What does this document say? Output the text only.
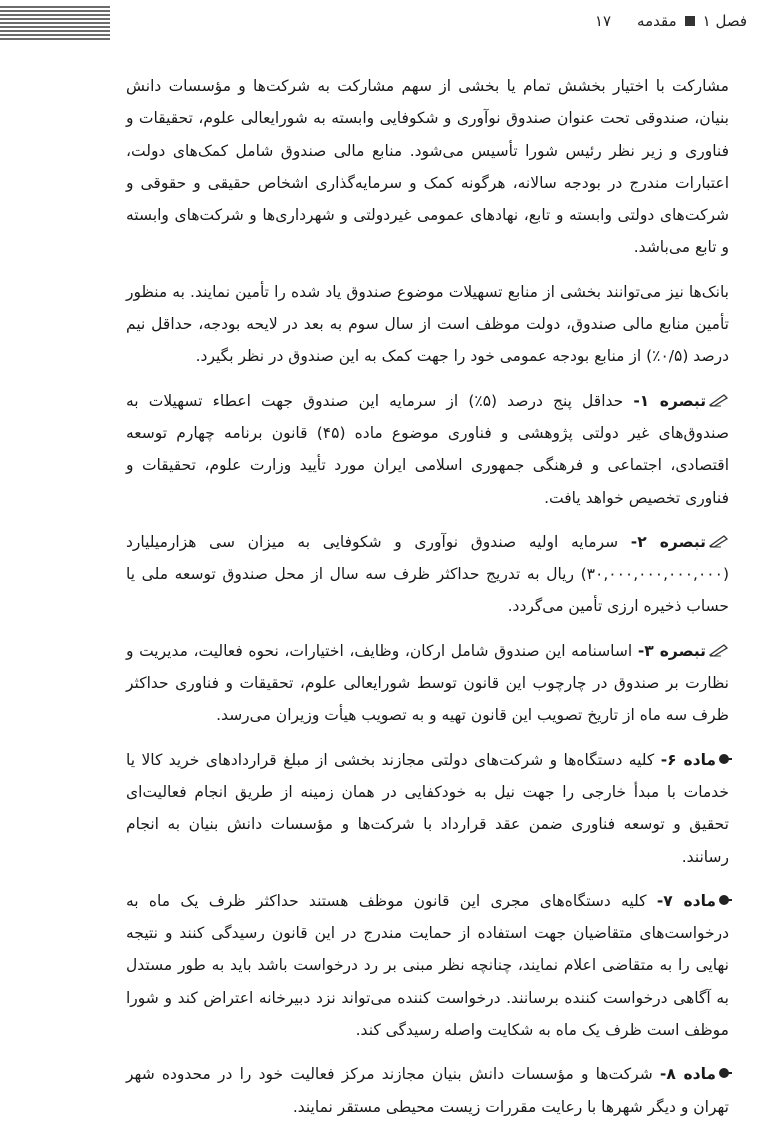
فصل ۱
مقدمه
۱۷

مشارکت با اختیار بخشش تمام یا بخشی از سهم مشارکت به شرکت‌ها و مؤسسات دانش بنیان، صندوقی تحت عنوان صندوق نوآوری و شکوفایی وابسته به شورایعالی علوم، تحقیقات و فناوری و زیر نظر رئیس شورا تأسیس می‌شود. منابع مالی صندوق شامل کمک‌های دولت، اعتبارات مندرج در بودجه سالانه، هرگونه کمک و سرمایه‌گذاری اشخاص حقیقی و حقوقی و شرکت‌های دولتی وابسته و تابع، نهادهای عمومی غیردولتی و شهرداری‌ها و شرکت‌های وابسته و تابع می‌باشد.

بانک‌ها نیز می‌توانند بخشی از منابع تسهیلات موضوع صندوق یاد شده را تأمین نمایند. به منظور تأمین منابع مالی صندوق، دولت موظف است از سال سوم به بعد در لایحه بودجه، حداقل نیم درصد (۰/۵٪) از منابع بودجه عمومی خود را جهت کمک به این صندوق در نظر بگیرد.

تبصره ۱- حداقل پنج درصد (۵٪) از سرمایه این صندوق جهت اعطاء تسهیلات به صندوق‌های غیر دولتی پژوهشی و فناوری موضوع ماده (۴۵) قانون برنامه چهارم توسعه اقتصادی، اجتماعی و فرهنگی جمهوری اسلامی ایران مورد تأیید وزارت علوم، تحقیقات و فناوری تخصیص خواهد یافت.

تبصره ۲- سرمایه اولیه صندوق نوآوری و شکوفایی به میزان سی هزارمیلیارد (۳۰,۰۰۰,۰۰۰,۰۰۰,۰۰۰) ریال به تدریج حداکثر ظرف سه سال از محل صندوق توسعه ملی یا حساب ذخیره ارزی تأمین می‌گردد.

تبصره ۳- اساسنامه این صندوق شامل ارکان، وظایف، اختیارات، نحوه فعالیت، مدیریت و نظارت بر صندوق در چارچوب این قانون توسط شورایعالی علوم، تحقیقات و فناوری حداکثر ظرف سه ماه از تاریخ تصویب این قانون تهیه و به تصویب هیأت وزیران می‌رسد.

ماده ۶- کلیه دستگاه‌ها و شرکت‌های دولتی مجازند بخشی از مبلغ قراردادهای خرید کالا یا خدمات با مبدأ خارجی را جهت نیل به خودکفایی در همان زمینه از طریق انجام فعالیت‌ای تحقیق و توسعه فناوری ضمن عقد قرارداد با شرکت‌ها و مؤسسات دانش بنیان به انجام رسانند.

ماده ۷- کلیه دستگاه‌های مجری این قانون موظف هستند حداکثر ظرف یک ماه به درخواست‌های متقاضیان جهت استفاده از حمایت مندرج در این قانون رسیدگی کنند و نتیجه نهایی را به متقاضی اعلام نمایند، چنانچه نظر مبنی بر رد درخواست باشد باید به طور مستدل به آگاهی درخواست کننده برسانند. درخواست کننده می‌تواند نزد دبیرخانه اعتراض کند و شورا موظف است ظرف یک ماه به شکایت واصله رسیدگی کند.

ماده ۸- شرکت‌ها و مؤسسات دانش بنیان مجازند مرکز فعالیت خود را در محدوده شهر تهران و دیگر شهرها با رعایت مقررات زیست محیطی مستقر نمایند.
